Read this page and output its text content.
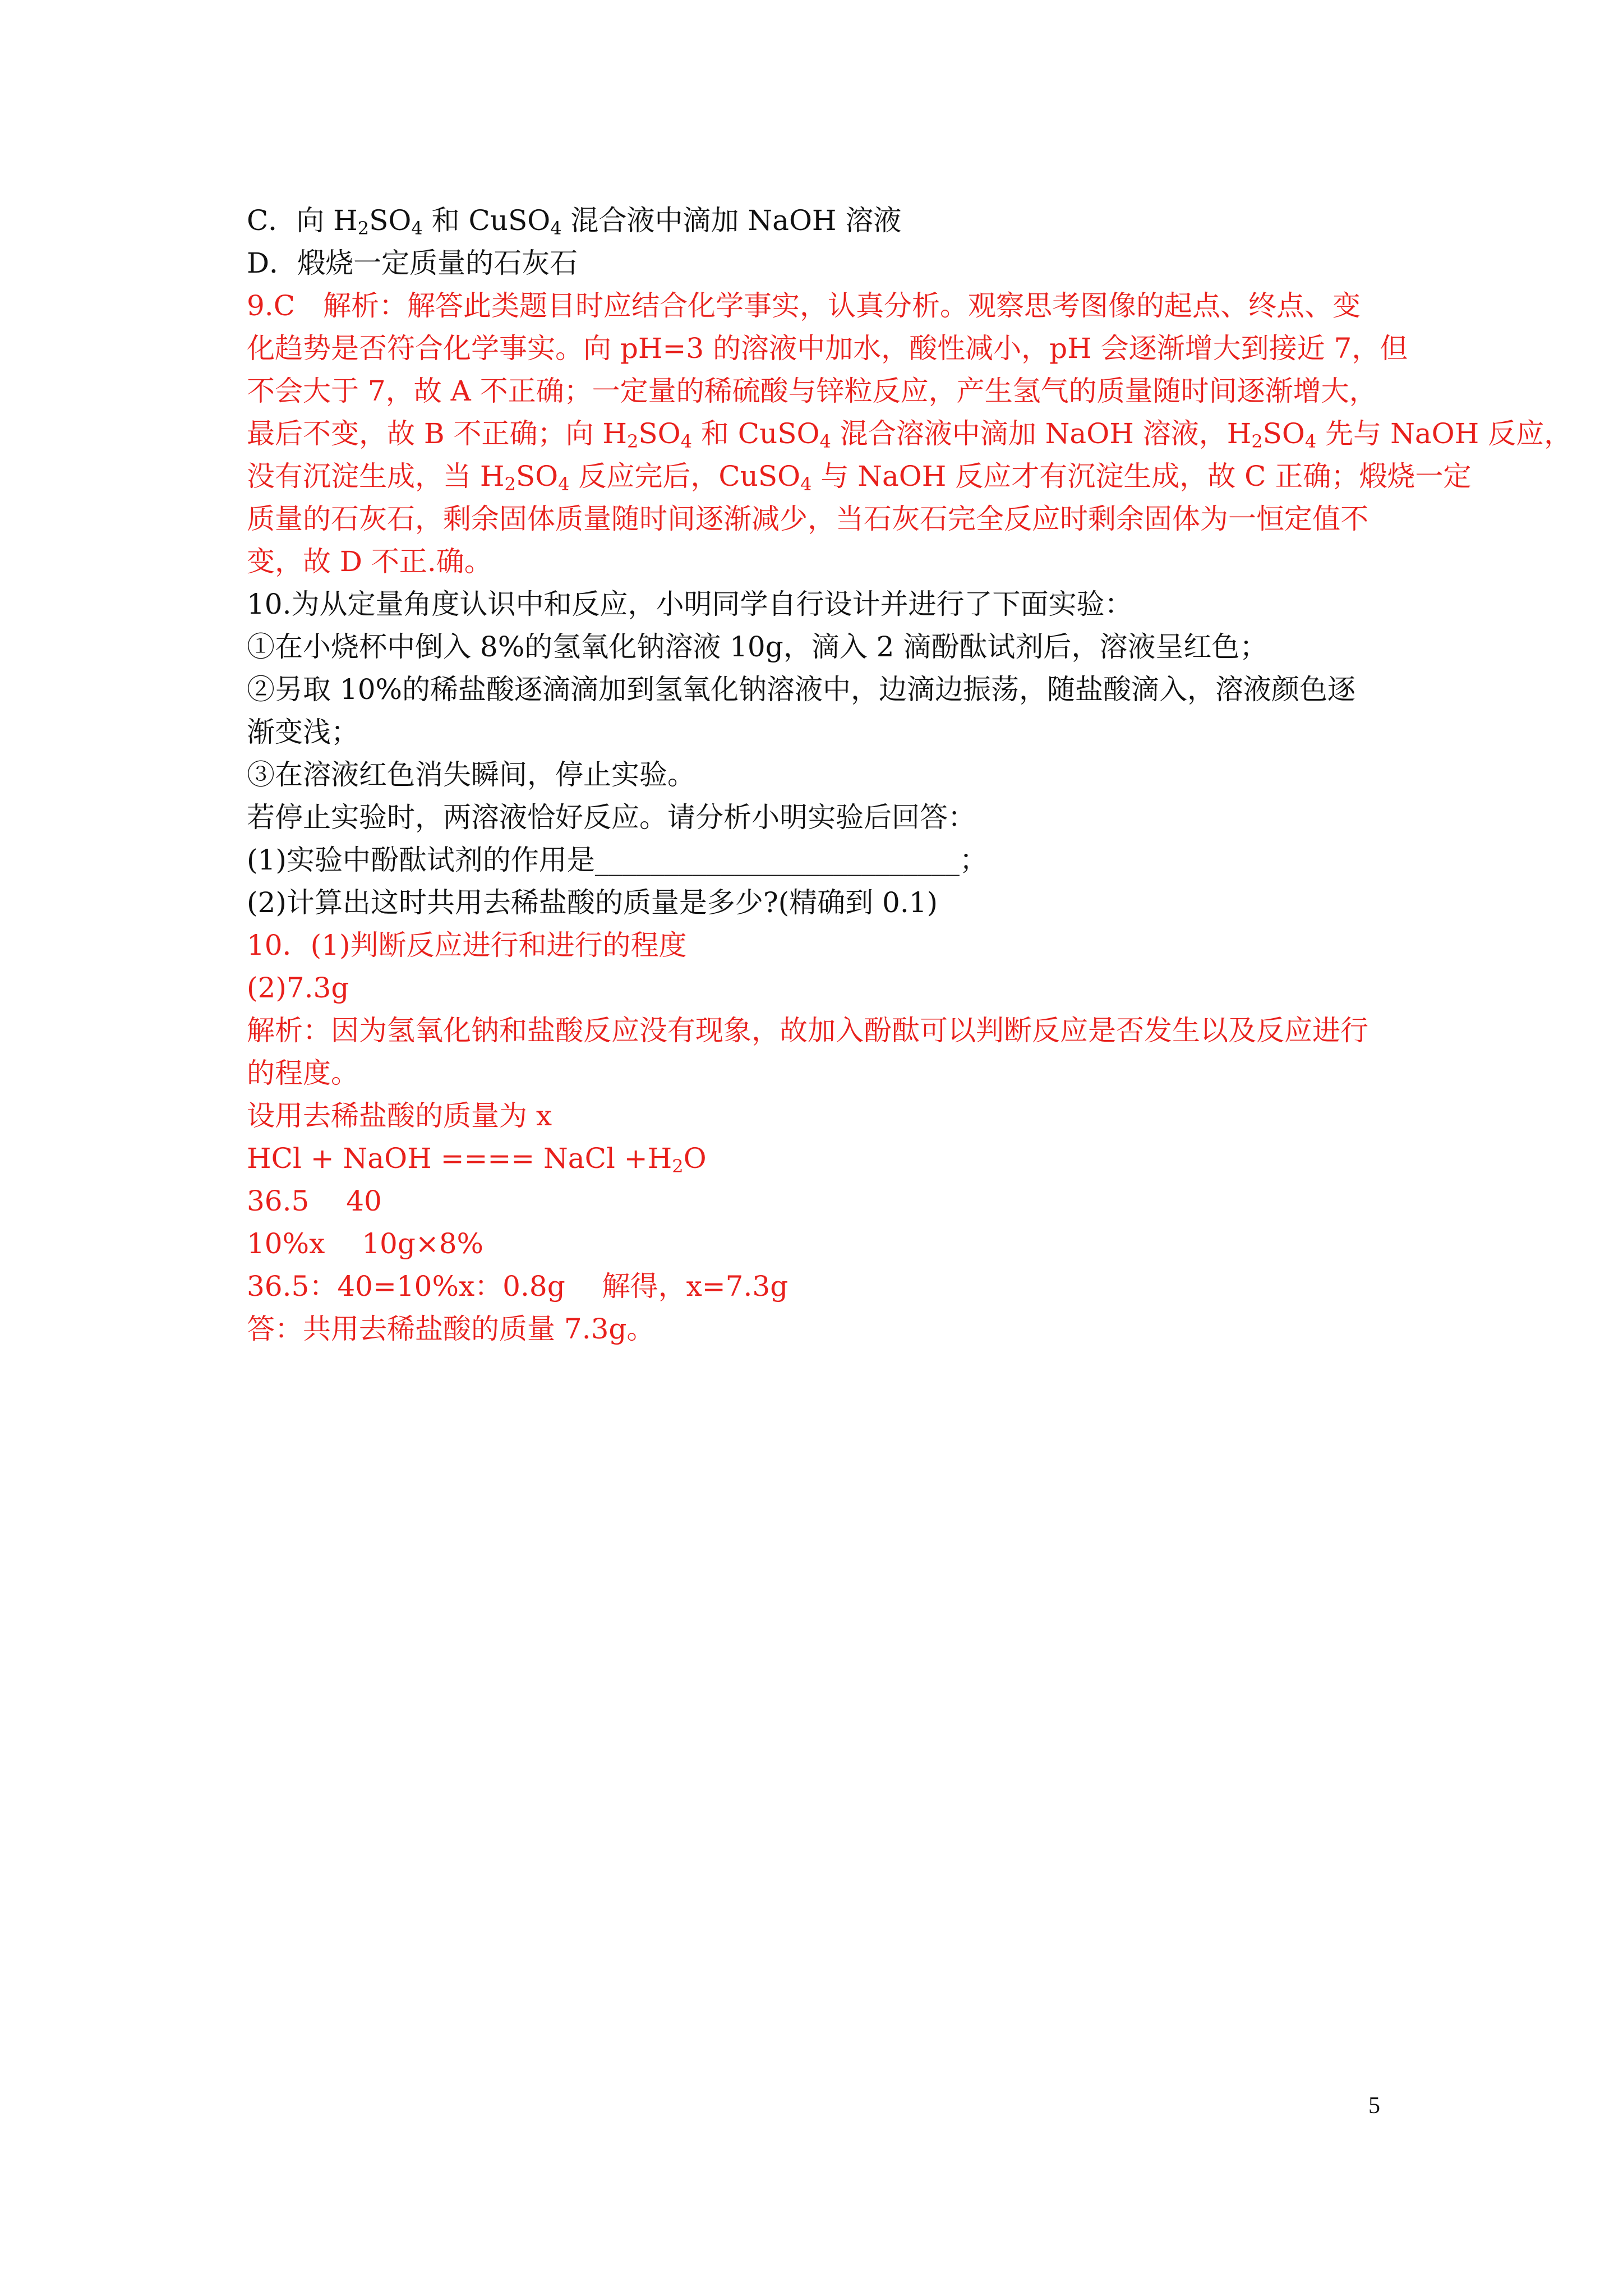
C．向 $H_2SO_4$ 和 CuSO$_4$ 混合液中滴加 NaOH 溶液
D．煅烧一定质量的石灰石
9.C　解析：解答此类题目时应结合化学事实，认真分析。观察思考图像的起点、终点、变
化趋势是否符合化学事实。向 pH=3 的溶液中加水，酸性减小，pH 会逐渐增大到接近 7，但
不会大于 7，故 A 不正确；一定量的稀硫酸与锌粒反应，产生氢气的质量随时间逐渐增大，
最后不变，故 B 不正确；向 $H_2SO_4$ 和 CuSO$_4$ 混合溶液中滴加 NaOH 溶液，$H_2SO_4$ 先与 NaOH 反应，
没有沉淀生成，当 $H_2SO_4$ 反应完后，CuSO$_4$ 与 NaOH 反应才有沉淀生成，故 C 正确；煅烧一定
质量的石灰石，剩余固体质量随时间逐渐减少，当石灰石完全反应时剩余固体为一恒定值不
变，故 D 不正.确。
10.为从定量角度认识中和反应，小明同学自行设计并进行了下面实验：
①在小烧杯中倒入 8%的氢氧化钠溶液 10g，滴入 2 滴酚酞试剂后，溶液呈红色；
②另取 10%的稀盐酸逐滴滴加到氢氧化钠溶液中，边滴边振荡，随盐酸滴入，溶液颜色逐
渐变浅；
③在溶液红色消失瞬间，停止实验。
若停止实验时，两溶液恰好反应。请分析小明实验后回答：
(1)实验中酚酞试剂的作用是__________________________；
(2)计算出这时共用去稀盐酸的质量是多少?(精确到 0.1)
10．(1)判断反应进行和进行的程度
(2)7.3g
解析：因为氢氧化钠和盐酸反应没有现象，故加入酚酞可以判断反应是否发生以及反应进行
的程度。
设用去稀盐酸的质量为 x
HCl + NaOH ==== NaCl $+H_2O$
36.5　 40
10%x　 10g×8%
36.5：40=10%x：0.8g　 解得，x=7.3g
答：共用去稀盐酸的质量 7.3g。
5
